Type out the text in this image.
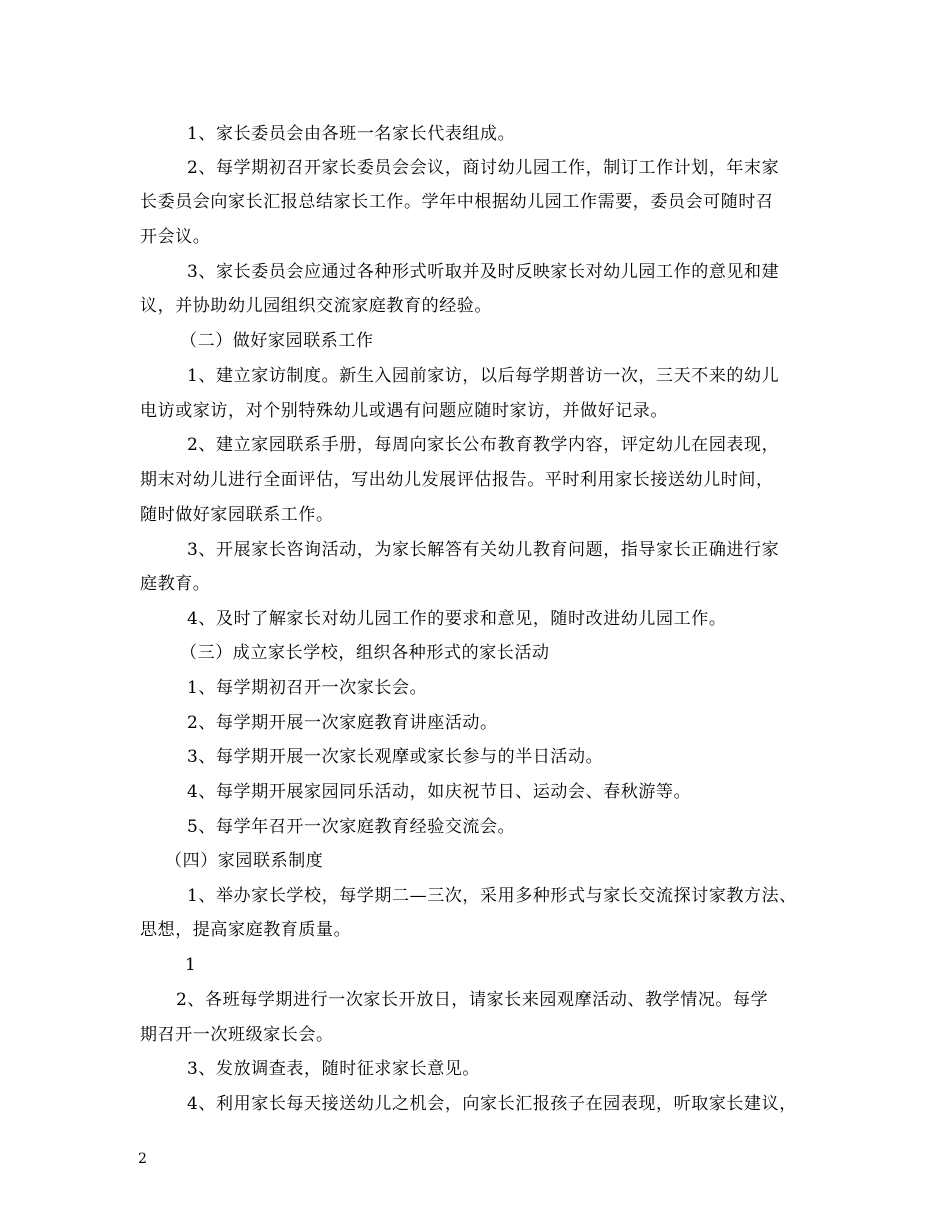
1、家长委员会由各班一名家长代表组成。
2、每学期初召开家长委员会会议，商讨幼儿园工作，制订工作计划，年末家
长委员会向家长汇报总结家长工作。学年中根据幼儿园工作需要，委员会可随时召
开会议。
3、家长委员会应通过各种形式听取并及时反映家长对幼儿园工作的意见和建
议，并协助幼儿园组织交流家庭教育的经验。
（二）做好家园联系工作
1、建立家访制度。新生入园前家访，以后每学期普访一次，三天不来的幼儿
电访或家访，对个别特殊幼儿或遇有问题应随时家访，并做好记录。
2、建立家园联系手册，每周向家长公布教育教学内容，评定幼儿在园表现，
期末对幼儿进行全面评估，写出幼儿发展评估报告。平时利用家长接送幼儿时间，
随时做好家园联系工作。
3、开展家长咨询活动，为家长解答有关幼儿教育问题，指导家长正确进行家
庭教育。
4、及时了解家长对幼儿园工作的要求和意见，随时改进幼儿园工作。
（三）成立家长学校，组织各种形式的家长活动
1、每学期初召开一次家长会。
2、每学期开展一次家庭教育讲座活动。
3、每学期开展一次家长观摩或家长参与的半日活动。
4、每学期开展家园同乐活动，如庆祝节日、运动会、春秋游等。
5、每学年召开一次家庭教育经验交流会。
（四）家园联系制度
1、举办家长学校，每学期二—三次，采用多种形式与家长交流探讨家教方法、
思想，提高家庭教育质量。
1
2、各班每学期进行一次家长开放日，请家长来园观摩活动、教学情况。每学
期召开一次班级家长会。
3、发放调查表，随时征求家长意见。
4、利用家长每天接送幼儿之机会，向家长汇报孩子在园表现，听取家长建议，
2
